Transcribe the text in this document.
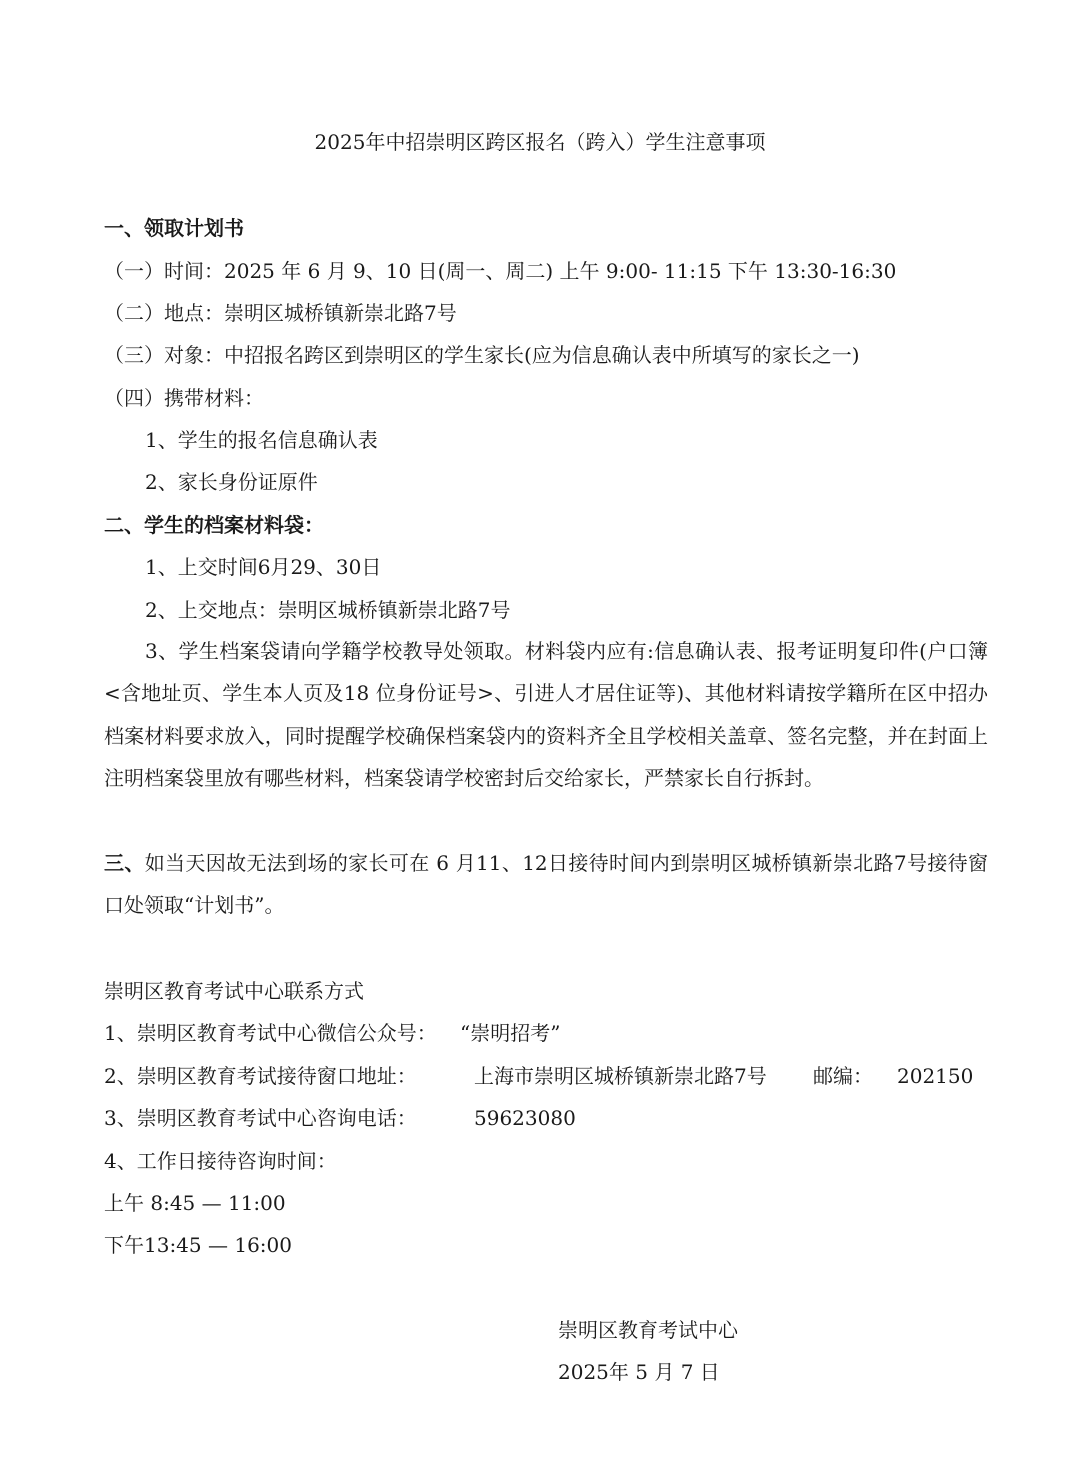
2025年中招崇明区跨区报名（跨入）学生注意事项
一、领取计划书
（一）时间：2025 年 6 月 9、10 日(周一、周二) 上午 9:00- 11:15 下午 13:30-16:30
（二）地点：崇明区城桥镇新崇北路7号
（三）对象：中招报名跨区到崇明区的学生家长(应为信息确认表中所填写的家长之一)
（四）携带材料：
1、学生的报名信息确认表
2、家长身份证原件
二、学生的档案材料袋：
1、上交时间6月29、30日
2、上交地点：崇明区城桥镇新崇北路7号
3、学生档案袋请向学籍学校教导处领取。材料袋内应有:信息确认表、报考证明复印件(户口簿<含地址页、学生本人页及18 位身份证号>、引进人才居住证等)、其他材料请按学籍所在区中招办档案材料要求放入，同时提醒学校确保档案袋内的资料齐全且学校相关盖章、签名完整，并在封面上注明档案袋里放有哪些材料，档案袋请学校密封后交给家长，严禁家长自行拆封。
三、如当天因故无法到场的家长可在 6 月11、12日接待时间内到崇明区城桥镇新崇北路7号接待窗口处领取“计划书”。
崇明区教育考试中心联系方式
1、崇明区教育考试中心微信公众号： “崇明招考”
2、崇明区教育考试接待窗口地址：	上海市崇明区城桥镇新崇北路7号 邮编： 202150
3、崇明区教育考试中心咨询电话：	59623080
4、工作日接待咨询时间：
上午 8:45 — 11:00
下午13:45 — 16:00
崇明区教育考试中心
2025年 5 月 7 日
